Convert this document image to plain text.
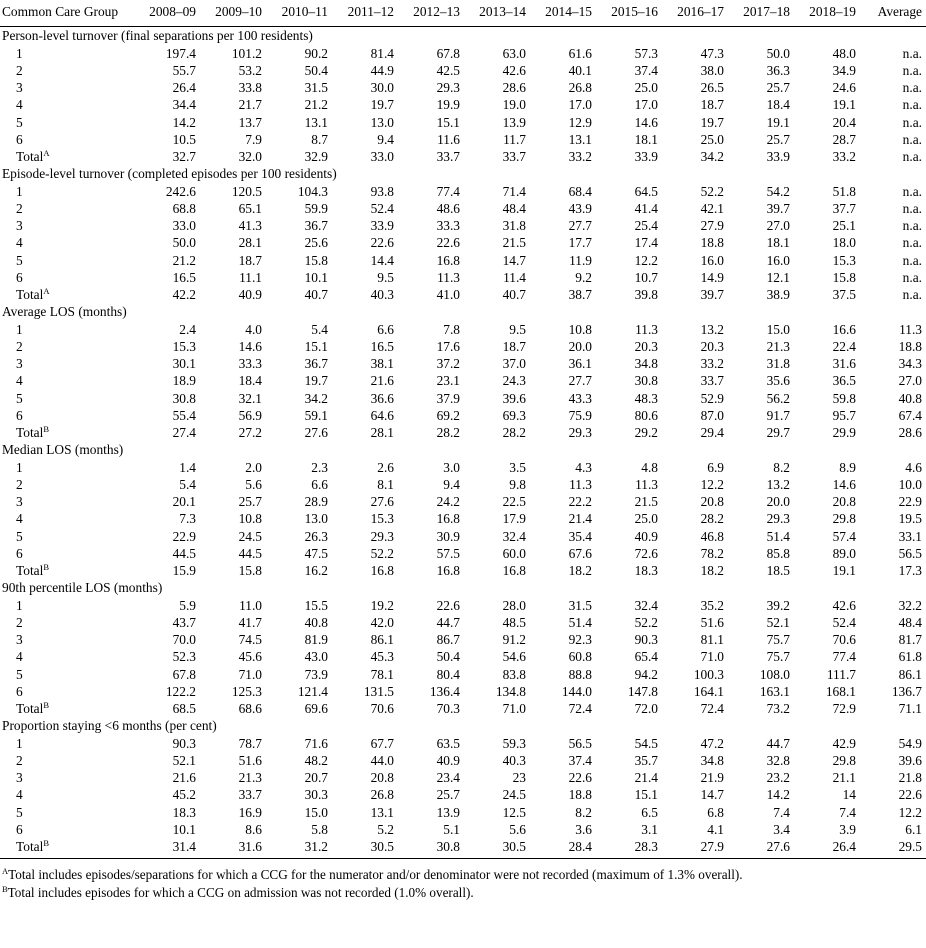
Common Care Group	2008–09	2009–10	2010–11	2011–12	2012–13	2013–14	2014–15	2015–16	2016–17	2017–18	2018–19	Average
Person-level turnover (final separations per 100 residents)												
1	197.4	101.2	90.2	81.4	67.8	63.0	61.6	57.3	47.3	50.0	48.0	n.a.
2	55.7	53.2	50.4	44.9	42.5	42.6	40.1	37.4	38.0	36.3	34.9	n.a.
3	26.4	33.8	31.5	30.0	29.3	28.6	26.8	25.0	26.5	25.7	24.6	n.a.
4	34.4	21.7	21.2	19.7	19.9	19.0	17.0	17.0	18.7	18.4	19.1	n.a.
5	14.2	13.7	13.1	13.0	15.1	13.9	12.9	14.6	19.7	19.1	20.4	n.a.
6	10.5	7.9	8.7	9.4	11.6	11.7	13.1	18.1	25.0	25.7	28.7	n.a.
Total$^A$	32.7	32.0	32.9	33.0	33.7	33.7	33.2	33.9	34.2	33.9	33.2	n.a.
Episode-level turnover (completed episodes per 100 residents)												
1	242.6	120.5	104.3	93.8	77.4	71.4	68.4	64.5	52.2	54.2	51.8	n.a.
2	68.8	65.1	59.9	52.4	48.6	48.4	43.9	41.4	42.1	39.7	37.7	n.a.
3	33.0	41.3	36.7	33.9	33.3	31.8	27.7	25.4	27.9	27.0	25.1	n.a.
4	50.0	28.1	25.6	22.6	22.6	21.5	17.7	17.4	18.8	18.1	18.0	n.a.
5	21.2	18.7	15.8	14.4	16.8	14.7	11.9	12.2	16.0	16.0	15.3	n.a.
6	16.5	11.1	10.1	9.5	11.3	11.4	9.2	10.7	14.9	12.1	15.8	n.a.
Total$^A$	42.2	40.9	40.7	40.3	41.0	40.7	38.7	39.8	39.7	38.9	37.5	n.a.
Average LOS (months)												
1	2.4	4.0	5.4	6.6	7.8	9.5	10.8	11.3	13.2	15.0	16.6	11.3
2	15.3	14.6	15.1	16.5	17.6	18.7	20.0	20.3	20.3	21.3	22.4	18.8
3	30.1	33.3	36.7	38.1	37.2	37.0	36.1	34.8	33.2	31.8	31.6	34.3
4	18.9	18.4	19.7	21.6	23.1	24.3	27.7	30.8	33.7	35.6	36.5	27.0
5	30.8	32.1	34.2	36.6	37.9	39.6	43.3	48.3	52.9	56.2	59.8	40.8
6	55.4	56.9	59.1	64.6	69.2	69.3	75.9	80.6	87.0	91.7	95.7	67.4
Total$^B$	27.4	27.2	27.6	28.1	28.2	28.2	29.3	29.2	29.4	29.7	29.9	28.6
Median LOS (months)												
1	1.4	2.0	2.3	2.6	3.0	3.5	4.3	4.8	6.9	8.2	8.9	4.6
2	5.4	5.6	6.6	8.1	9.4	9.8	11.3	11.3	12.2	13.2	14.6	10.0
3	20.1	25.7	28.9	27.6	24.2	22.5	22.2	21.5	20.8	20.0	20.8	22.9
4	7.3	10.8	13.0	15.3	16.8	17.9	21.4	25.0	28.2	29.3	29.8	19.5
5	22.9	24.5	26.3	29.3	30.9	32.4	35.4	40.9	46.8	51.4	57.4	33.1
6	44.5	44.5	47.5	52.2	57.5	60.0	67.6	72.6	78.2	85.8	89.0	56.5
Total$^B$	15.9	15.8	16.2	16.8	16.8	16.8	18.2	18.3	18.2	18.5	19.1	17.3
90th percentile LOS (months)												
1	5.9	11.0	15.5	19.2	22.6	28.0	31.5	32.4	35.2	39.2	42.6	32.2
2	43.7	41.7	40.8	42.0	44.7	48.5	51.4	52.2	51.6	52.1	52.4	48.4
3	70.0	74.5	81.9	86.1	86.7	91.2	92.3	90.3	81.1	75.7	70.6	81.7
4	52.3	45.6	43.0	45.3	50.4	54.6	60.8	65.4	71.0	75.7	77.4	61.8
5	67.8	71.0	73.9	78.1	80.4	83.8	88.8	94.2	100.3	108.0	111.7	86.1
6	122.2	125.3	121.4	131.5	136.4	134.8	144.0	147.8	164.1	163.1	168.1	136.7
Total$^B$	68.5	68.6	69.6	70.6	70.3	71.0	72.4	72.0	72.4	73.2	72.9	71.1
Proportion staying <6 months (per cent)												
1	90.3	78.7	71.6	67.7	63.5	59.3	56.5	54.5	47.2	44.7	42.9	54.9
2	52.1	51.6	48.2	44.0	40.9	40.3	37.4	35.7	34.8	32.8	29.8	39.6
3	21.6	21.3	20.7	20.8	23.4	23	22.6	21.4	21.9	23.2	21.1	21.8
4	45.2	33.7	30.3	26.8	25.7	24.5	18.8	15.1	14.7	14.2	14	22.6
5	18.3	16.9	15.0	13.1	13.9	12.5	8.2	6.5	6.8	7.4	7.4	12.2
6	10.1	8.6	5.8	5.2	5.1	5.6	3.6	3.1	4.1	3.4	3.9	6.1
Total$^B$	31.4	31.6	31.2	30.5	30.8	30.5	28.4	28.3	27.9	27.6	26.4	29.5
$^A$Total includes episodes/separations for which a CCG for the numerator and/or denominator were not recorded (maximum of 1.3% overall).
$^B$Total includes episodes for which a CCG on admission was not recorded (1.0% overall).
